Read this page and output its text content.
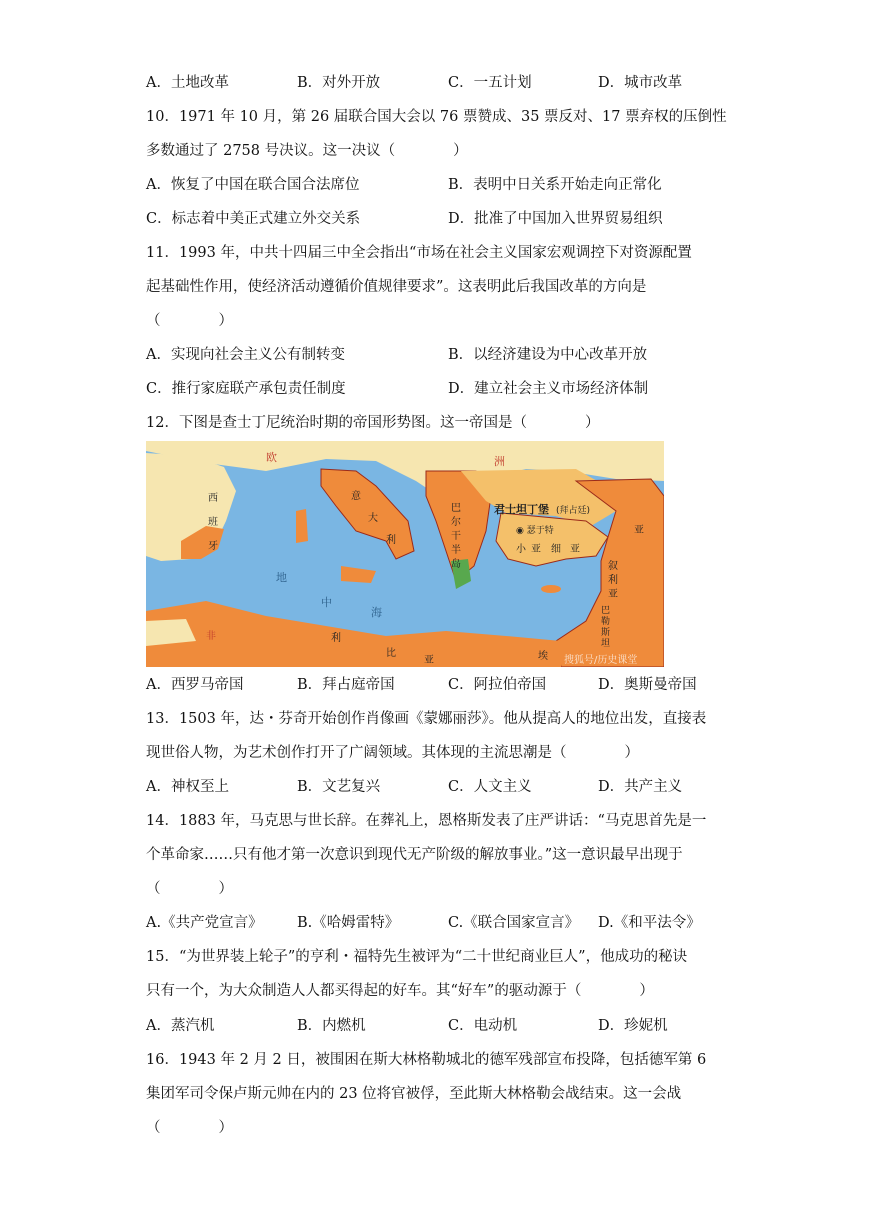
A．土地改革	B．对外开放	C．一五计划	D．城市改革
10．1971 年 10 月，第 26 届联合国大会以 76 票赞成、35 票反对、17 票弃权的压倒性
多数通过了 2758 号决议。这一决议（　　　　）
A．恢复了中国在联合国合法席位	B．表明中日关系开始走向正常化
C．标志着中美正式建立外交关系	D．批准了中国加入世界贸易组织
11．1993 年，中共十四届三中全会指出“市场在社会主义国家宏观调控下对资源配置
起基础性作用，使经济活动遵循价值规律要求”。这表明此后我国改革的方向是
（　　　　）
A．实现向社会主义公有制转变	B．以经济建设为中心改革开放
C．推行家庭联产承包责任制度	D．建立社会主义市场经济体制
12．下图是查士丁尼统治时期的帝国形势图。这一帝国是（　　　　）
欧	洲
西
班
牙
意
大
利
巴
尔
干
半
岛
君士坦丁堡 (拜占廷)
◉ 瑟于特
小 亚 细 亚
亚
叙
利
亚
巴
勒
斯
坦
非	利
比
亚	埃
地
中
海
搜狐号/历史课堂
A．西罗马帝国	B．拜占庭帝国	C．阿拉伯帝国	D．奥斯曼帝国
13．1503 年，达・芬奇开始创作肖像画《蒙娜丽莎》。他从提高人的地位出发，直接表
现世俗人物，为艺术创作打开了广阔领域。其体现的主流思潮是（　　　　）
A．神权至上	B．文艺复兴	C．人文主义	D．共产主义
14．1883 年，马克思与世长辞。在葬礼上，恩格斯发表了庄严讲话：“马克思首先是一
个革命家……只有他才第一次意识到现代无产阶级的解放事业。”这一意识最早出现于
（　　　　）
A.《共产党宣言》 B.《哈姆雷特》	C.《联合国家宣言》 D.《和平法令》
15．“为世界装上轮子”的亨利・福特先生被评为“二十世纪商业巨人”，他成功的秘诀
只有一个，为大众制造人人都买得起的好车。其“好车”的驱动源于（　　　　）
A．蒸汽机	B．内燃机	C．电动机	D．珍妮机
16．1943 年 2 月 2 日，被围困在斯大林格勒城北的德军残部宣布投降，包括德军第 6
集团军司令保卢斯元帅在内的 23 位将官被俘，至此斯大林格勒会战结束。这一会战
（　　　　）
